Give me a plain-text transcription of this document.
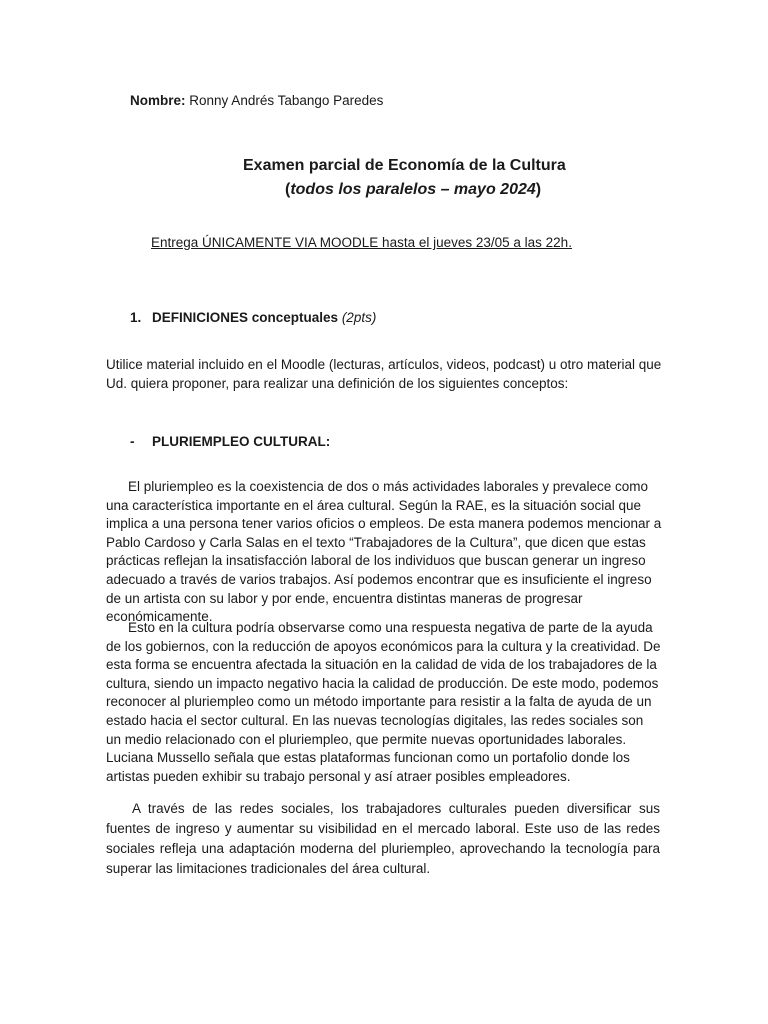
Nombre: Ronny Andrés Tabango Paredes
Examen parcial de Economía de la Cultura
(todos los paralelos – mayo 2024)
Entrega ÚNICAMENTE VIA MOODLE hasta el jueves 23/05 a las 22h.
1. DEFINICIONES conceptuales (2pts)
Utilice material incluido en el Moodle (lecturas, artículos, videos, podcast) u otro material que Ud. quiera proponer, para realizar una definición de los siguientes conceptos:
- PLURIEMPLEO CULTURAL:
El pluriempleo es la coexistencia de dos o más actividades laborales y prevalece como una característica importante en el área cultural. Según la RAE, es la situación social que implica a una persona tener varios oficios o empleos. De esta manera podemos mencionar a Pablo Cardoso y Carla Salas en el texto “Trabajadores de la Cultura”, que dicen que estas prácticas reflejan la insatisfacción laboral de los individuos que buscan generar un ingreso adecuado a través de varios trabajos. Así podemos encontrar que es insuficiente el ingreso de un artista con su labor y por ende, encuentra distintas maneras de progresar económicamente.
Esto en la cultura podría observarse como una respuesta negativa de parte de la ayuda de los gobiernos, con la reducción de apoyos económicos para la cultura y la creatividad. De esta forma se encuentra afectada la situación en la calidad de vida de los trabajadores de la cultura, siendo un impacto negativo hacia la calidad de producción. De este modo, podemos reconocer al pluriempleo como un método importante para resistir a la falta de ayuda de un estado hacia el sector cultural. En las nuevas tecnologías digitales, las redes sociales son un medio relacionado con el pluriempleo, que permite nuevas oportunidades laborales. Luciana Mussello señala que estas plataformas funcionan como un portafolio donde los artistas pueden exhibir su trabajo personal y así atraer posibles empleadores.
A través de las redes sociales, los trabajadores culturales pueden diversificar sus fuentes de ingreso y aumentar su visibilidad en el mercado laboral. Este uso de las redes sociales refleja una adaptación moderna del pluriempleo, aprovechando la tecnología para superar las limitaciones tradicionales del área cultural.
